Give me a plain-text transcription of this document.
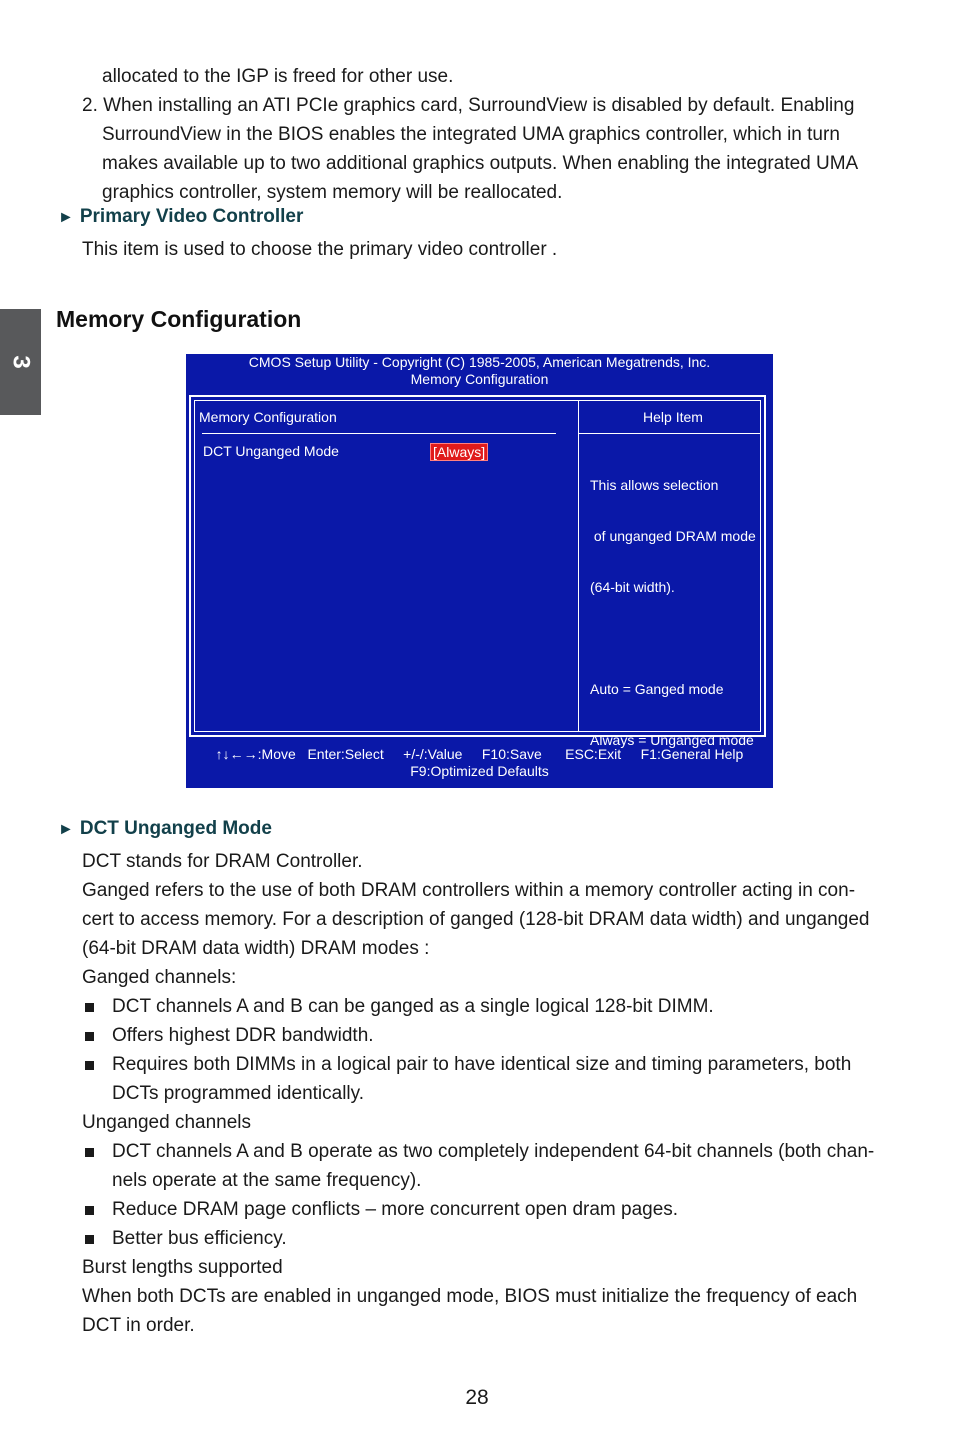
allocated to the IGP is freed for other use.

2. When installing an ATI PCIe graphics card, SurroundView is disabled by default. Enabling

SurroundView in the BIOS enables the integrated UMA graphics controller, which in turn

makes available up to two additional graphics outputs. When enabling the integrated UMA

graphics controller, system memory will be reallocated.

► Primary Video Controller

This item is used to choose the primary video controller .

3
Memory Configuration
CMOS Setup Utility - Copyright (C) 1985-2005, American Megatrends, Inc.
Memory Configuration
Memory Configuration	Help Item
DCT Unganged Mode	[Always]

This allows selection

of unganged DRAM mode

(64-bit width).

Auto = Ganged mode

Always = Unganged mode

↑↓←→:Move   Enter:Select     +/-/:Value     F10:Save      ESC:Exit     F1:General Help
F9:Optimized Defaults
► DCT Unganged Mode

DCT stands for DRAM Controller.

Ganged refers to the use of both DRAM controllers within a memory controller acting in con-

cert to access memory. For a description of ganged (128-bit DRAM data width) and unganged

(64-bit DRAM data width) DRAM modes :

Ganged channels:

DCT channels A and B can be ganged as a single logical 128-bit DIMM.
Offers highest DDR bandwidth.
Requires both DIMMs in a logical pair to have identical size and timing parameters, both DCTs programmed identically.

Unganged channels

DCT channels A and B operate as two completely independent 64-bit channels (both chan- nels operate at the same frequency).
Reduce DRAM page conflicts – more concurrent open dram pages.
Better bus efficiency.

Burst lengths supported

When both DCTs are enabled in unganged mode, BIOS must initialize the frequency of each

DCT in order.

28
